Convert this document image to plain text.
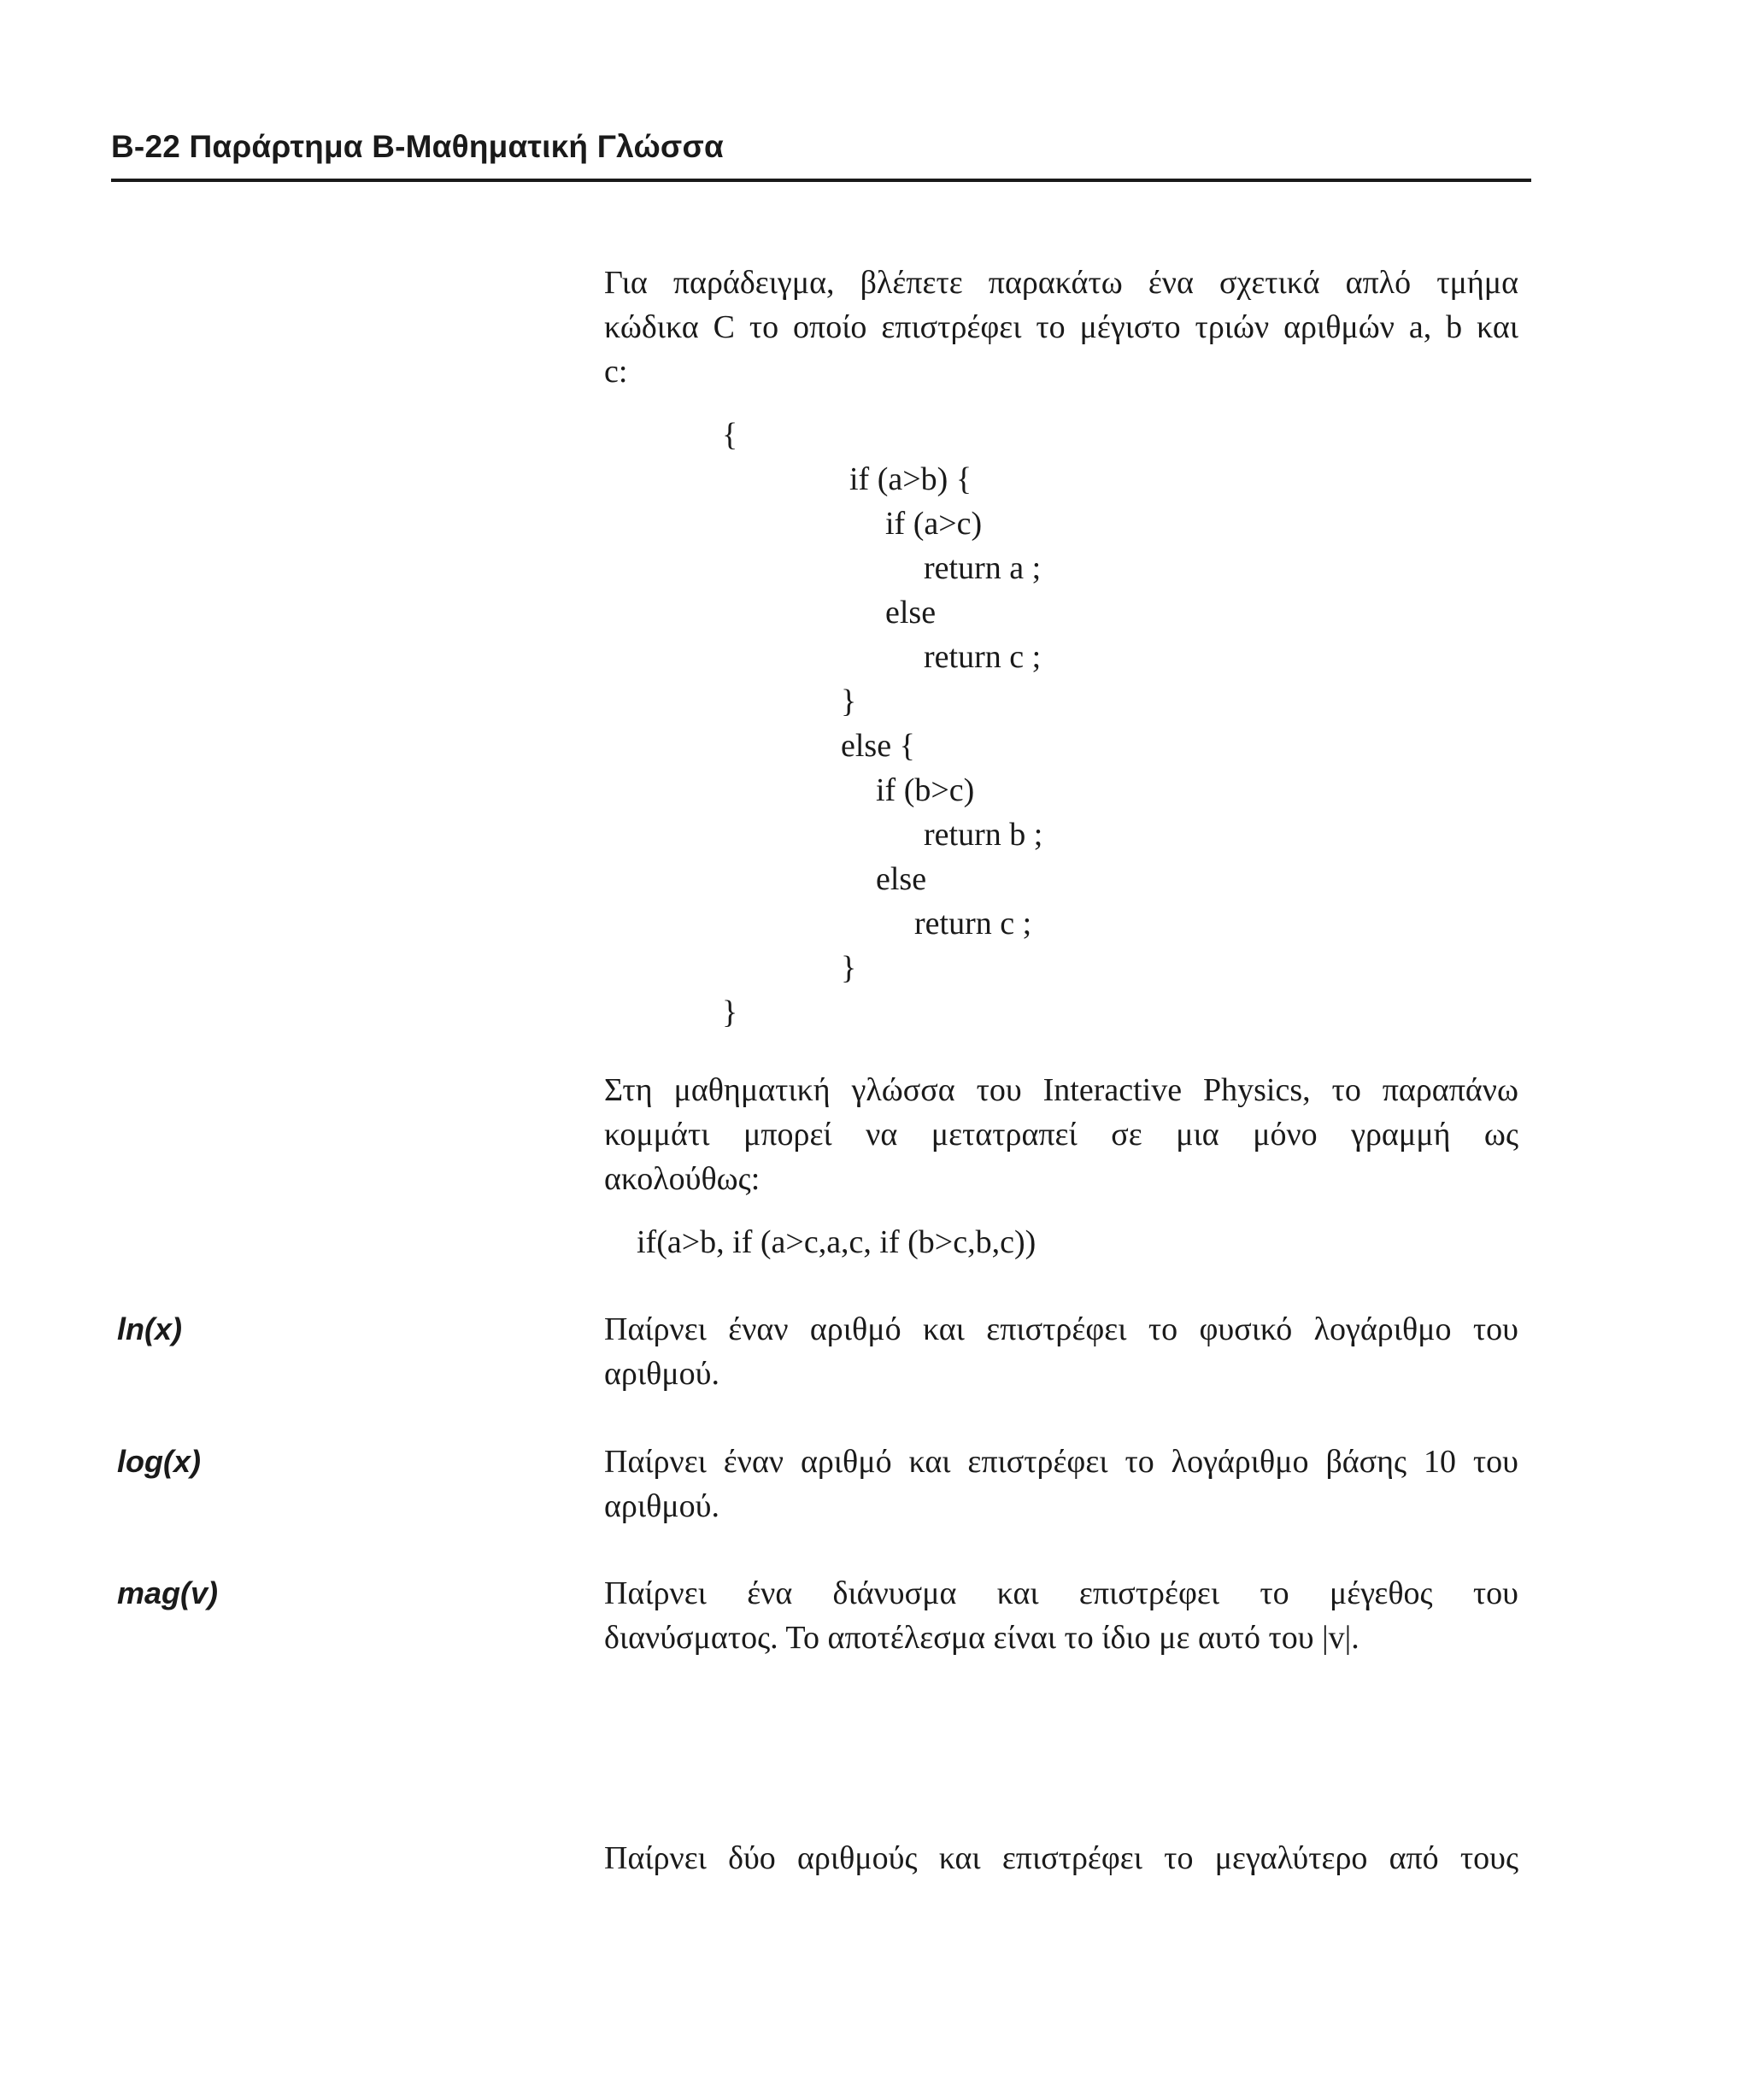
B-22 Παράρτημα B-Μαθηματική Γλώσσα
Για παράδειγμα, βλέπετε παρακάτω ένα σχετικά απλό τμήμα
κώδικα C το οποίο επιστρέφει το μέγιστο τριών αριθμών a, b και
c:
{
if (a>b) {
if (a>c)
return a ;
else
return c ;
}
else {
if (b>c)
return b ;
else
return c ;
}
}
Στη μαθηματική γλώσσα του Interactive Physics, το παραπάνω
κομμάτι μπορεί να μετατραπεί σε μια μόνο γραμμή ως
ακολούθως:
if(a>b, if (a>c,a,c, if (b>c,b,c))
ln(x)	Παίρνει έναν αριθμό και επιστρέφει το φυσικό λογάριθμο του
αριθμού.
log(x)	Παίρνει έναν αριθμό και επιστρέφει το λογάριθμο βάσης 10 του
αριθμού.
mag(v)	Παίρνει ένα διάνυσμα και επιστρέφει το μέγεθος του
διανύσματος. Το αποτέλεσμα είναι το ίδιο με αυτό του |v|.
Παίρνει δύο αριθμούς και επιστρέφει το μεγαλύτερο από τους
